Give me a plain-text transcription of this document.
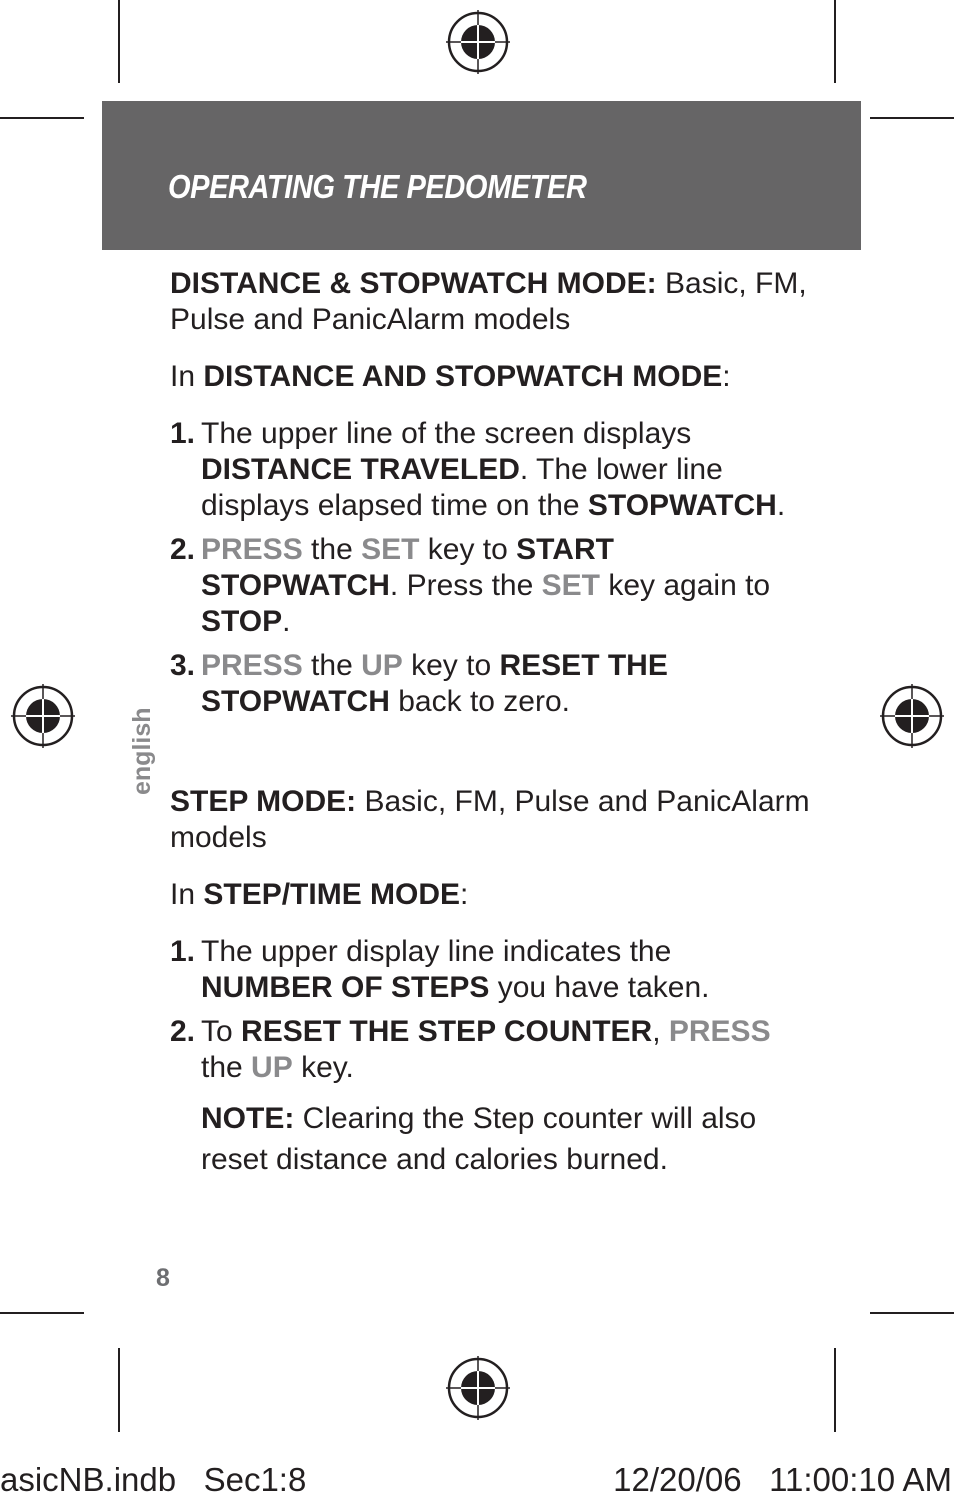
OPERATING THE PEDOMETER
english

DISTANCE & STOPWATCH MODE: Basic, FM, Pulse and PanicAlarm models

In DISTANCE AND STOPWATCH MODE:

1. The upper line of the screen displays DISTANCE TRAVELED. The lower line displays elapsed time on the STOPWATCH.
2. PRESS the SET key to START STOPWATCH. Press the SET key again to STOP.
3. PRESS the UP key to RESET THE STOPWATCH back to zero.

STEP MODE: Basic, FM, Pulse and PanicAlarm models

In STEP/TIME MODE:

1. The upper display line indicates the NUMBER OF STEPS you have taken.
2. To RESET THE STEP COUNTER, PRESS the UP key.

NOTE: Clearing the Step counter will also reset distance and calories burned.

8
asicNB.indb   Sec1:8	12/20/06   11:00:10 AM
